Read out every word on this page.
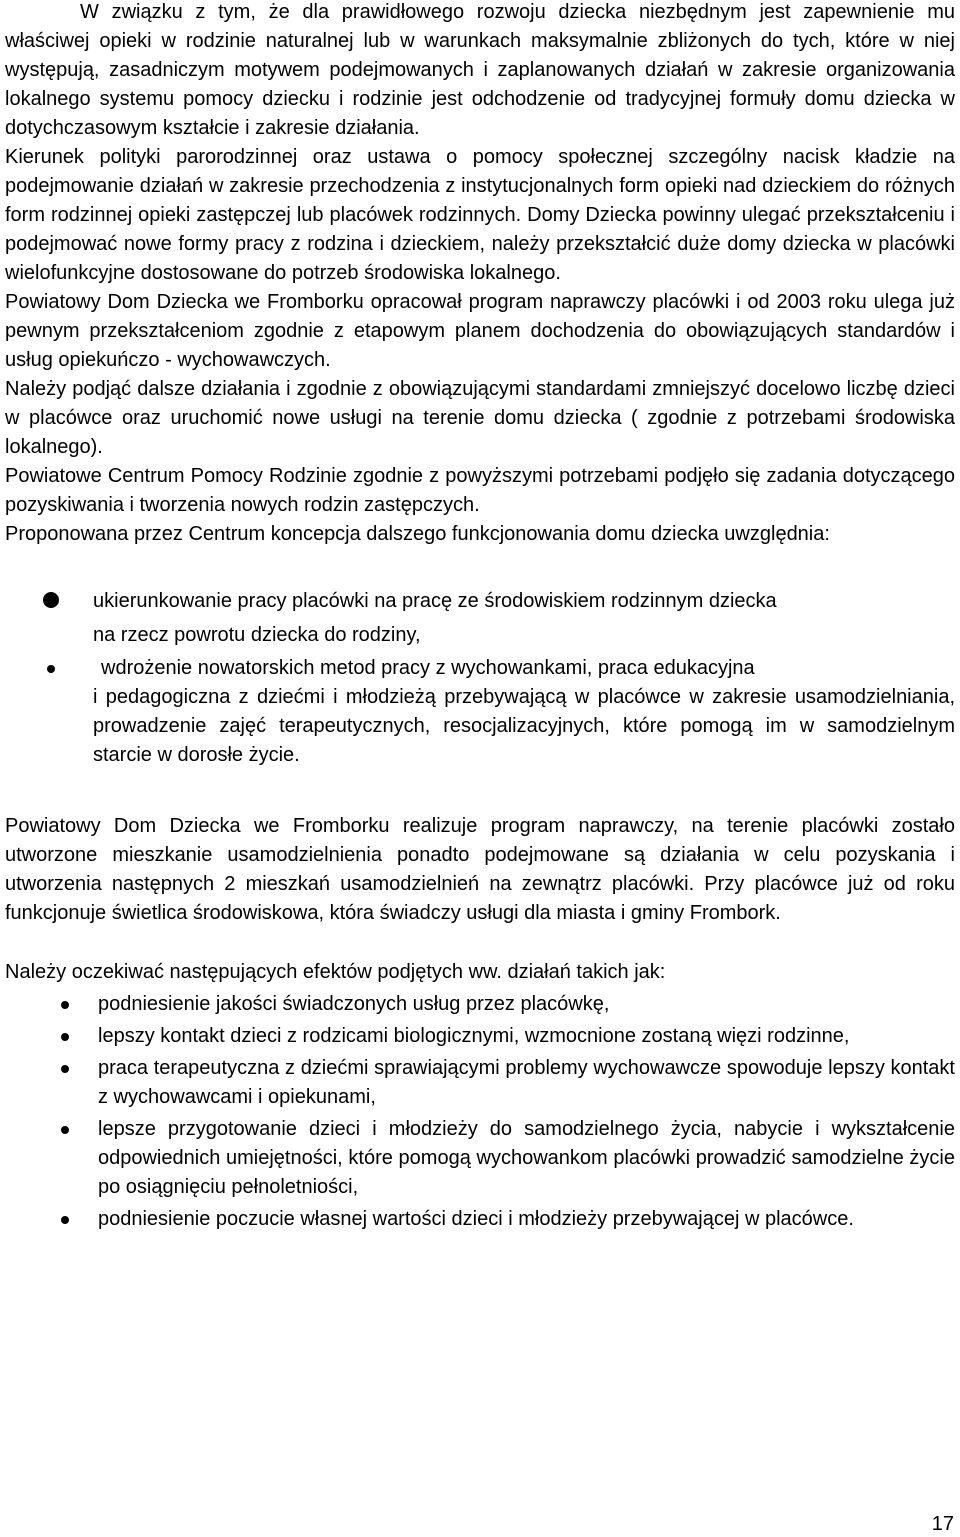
W związku z tym, że dla prawidłowego rozwoju dziecka niezbędnym jest zapewnienie mu właściwej opieki w rodzinie naturalnej lub w warunkach maksymalnie zbliżonych do tych, które w niej występują, zasadniczym motywem podejmowanych i zaplanowanych działań w zakresie organizowania lokalnego systemu pomocy dziecku i rodzinie jest odchodzenie od tradycyjnej formuły domu dziecka w dotychczasowym kształcie i zakresie działania.

Kierunek polityki parorodzinnej oraz ustawa o pomocy społecznej szczególny nacisk kładzie na podejmowanie działań w zakresie przechodzenia z instytucjonalnych form opieki nad dzieckiem do różnych form rodzinnej opieki zastępczej lub placówek rodzinnych. Domy Dziecka powinny ulegać przekształceniu i podejmować nowe formy pracy z rodzina i dzieckiem, należy przekształcić duże domy dziecka w placówki wielofunkcyjne dostosowane do potrzeb środowiska lokalnego.

Powiatowy Dom Dziecka we Fromborku opracował program naprawczy placówki i od 2003 roku ulega już pewnym przekształceniom zgodnie z etapowym planem dochodzenia do obowiązujących standardów i usług opiekuńczo - wychowawczych.

Należy podjąć dalsze działania i zgodnie z obowiązującymi standardami zmniejszyć docelowo liczbę dzieci w placówce oraz uruchomić nowe usługi na terenie domu dziecka ( zgodnie z potrzebami środowiska lokalnego).

Powiatowe Centrum Pomocy Rodzinie zgodnie z powyższymi potrzebami podjęło się zadania dotyczącego pozyskiwania i tworzenia nowych rodzin zastępczych.

Proponowana przez Centrum koncepcja dalszego funkcjonowania domu dziecka uwzględnia:

ukierunkowanie pracy placówki na pracę ze środowiskiem rodzinnym dziecka
na rzecz powrotu dziecka do rodziny,
wdrożenie nowatorskich metod pracy z wychowankami, praca edukacyjna
i pedagogiczna z dziećmi i młodzieżą przebywającą w placówce w zakresie usamodzielniania, prowadzenie zajęć terapeutycznych, resocjalizacyjnych, które pomogą im w samodzielnym starcie w dorosłe życie.

Powiatowy Dom Dziecka we Fromborku realizuje program naprawczy, na terenie placówki zostało utworzone mieszkanie usamodzielnienia ponadto podejmowane są działania w celu pozyskania i utworzenia następnych 2 mieszkań usamodzielnień na zewnątrz placówki. Przy placówce już od roku funkcjonuje świetlica środowiskowa, która świadczy usługi dla miasta i gminy Frombork.

Należy oczekiwać następujących efektów podjętych ww. działań takich jak:

podniesienie jakości świadczonych usług przez placówkę,
lepszy kontakt dzieci z rodzicami biologicznymi, wzmocnione zostaną więzi rodzinne,
praca terapeutyczna z dziećmi sprawiającymi problemy wychowawcze spowoduje lepszy kontakt z wychowawcami i opiekunami,
lepsze przygotowanie dzieci i młodzieży do samodzielnego życia, nabycie i wykształcenie odpowiednich umiejętności, które pomogą wychowankom placówki prowadzić samodzielne życie po osiągnięciu pełnoletniości,
podniesienie poczucie własnej wartości dzieci i młodzieży przebywającej w placówce.
17
